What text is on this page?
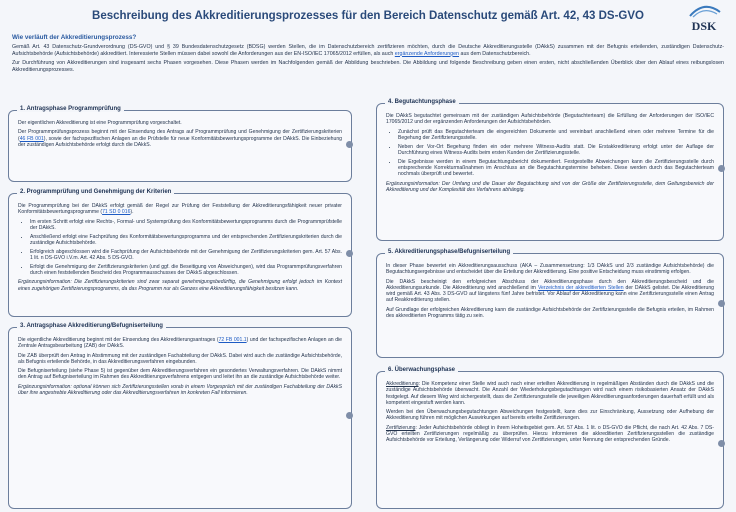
Beschreibung des Akkreditierungsprozesses für den Bereich Datenschutz gemäß Art. 42, 43 DS-GVO
DSK
Wie verläuft der Akkreditierungsprozess?

Gemäß Art. 43 Datenschutz-Grundverordnung (DS-GVO) und § 39 Bundesdatenschutzgesetz (BDSG) werden Stellen, die im Datenschutzbereich zertifizieren möchten, durch die Deutsche Akkreditierungsstelle (DAkkS) zusammen mit der Befugnis erteilenden, zuständigen Datenschutz-Aufsichtsbehörde (Aufsichtsbehörde) akkreditiert. Interessierte Stellen müssen dabei sowohl die Anforderungen aus der EN-ISO/IEC 17065/2012 erfüllen, als auch ergänzende Anforderungen aus dem Datenschutzbereich.

Zur Durchführung von Akkreditierungen sind insgesamt sechs Phasen vorgesehen. Diese Phasen werden im Nachfolgenden gemäß der Abbildung beschrieben. Die Abbildung und folgende Beschreibung geben einen ersten, nicht abschließenden Überblick über den Ablauf eines reibungslosen Akkreditierungsprozesses.

1. Antragsphase Programmprüfung

Der eigentlichen Akkreditierung ist eine Programmprüfung vorgeschaltet.

Der Programmprüfungsprozess beginnt mit der Einsendung des Antrags auf Programmprüfung und Genehmigung der Zertifizierungskriterien (46 FB 001), sowie der fachspezifischen Anlagen an die Prüfstelle für neue Konformitätsbewertungsprogramme der DAkkS. Die Einbeziehung der zuständigen Aufsichtsbehörde erfolgt durch die DAkkS.

2. Programmprüfung und Genehmigung der Kriterien

Die Programmprüfung bei der DAkkS erfolgt gemäß der Regel zur Prüfung der Feststellung der Akkreditierungsfähigkeit neuer privater Konformitätsbewertungsprogramme (71 SD 0 016).

• Im ersten Schritt erfolgt eine Rechts-, Formal- und Systemprüfung des Konformitätsbewertungsprogramms durch die Programmprüfstelle der DAkkS.
• Anschließend erfolgt eine Fachprüfung des Konformitätsbewertungsprogramms und der entsprechenden Zertifizierungskriterien durch die zuständige Aufsichtsbehörde.
• Erfolgreich abgeschlossen wird die Fachprüfung der Aufsichtsbehörde mit der Genehmigung der Zertifizierungskriterien gem. Art. 57 Abs. 1 lit. n DS-GVO i.V.m. Art. 42 Abs. 5 DS-GVO.
• Erfolgt die Genehmigung der Zertifizierungskriterien (und ggf. die Beseitigung von Abweichungen), wird das Programmprüfungsverfahren durch einen feststellenden Bescheid des Programmausschusses der DAkkS abgeschlossen.

Ergänzungsinformation: Die Zertifizierungskriterien sind zwar separat genehmigungsbedürftig, die Genehmigung erfolgt jedoch im Kontext eines zugehörigen Zertifizierungsprogramms, da das Programm nur als Ganzes eine Akkreditierungsfähigkeit besitzen kann.

3. Antragsphase Akkreditierung/Befugniserteilung

Die eigentliche Akkreditierung beginnt mit der Einsendung des Akkreditierungsantrages (72 FB 001.1) und der fachspezifischen Anlagen an die Zentrale Antragsbearbeitung (ZAB) der DAkkS.

Die ZAB überprüft den Antrag in Abstimmung mit der zuständigen Fachabteilung der DAkkS. Dabei wird auch die zuständige Aufsichtsbehörde, als Befugnis erteilende Behörde, in das Akkreditierungsverfahren eingebunden.

Die Befugniserteilung (siehe Phase 5) ist gegenüber dem Akkreditierungsverfahren ein gesondertes Verwaltungsverfahren. Die DAkkS nimmt den Antrag auf Befugniserteilung im Rahmen des Akkreditierungsverfahrens entgegen und leitet ihn an die zuständige Aufsichtsbehörde weiter.

Ergänzungsinformation: optional können sich Zertifizierungsstellen vorab in einem Vorgespräch mit der zuständigen Fachabteilung der DAkkS über ihre angestrebte Akkreditierung oder das Akkreditierungsverfahren im konkreten Fall informieren.

4. Begutachtungsphase

Die DAkkS begutachtet gemeinsam mit der zuständigen Aufsichtsbehörde (Begutachterteam) die Erfüllung der Anforderungen der ISO/IEC 17065/2012 und der ergänzenden Anforderungen der Aufsichtsbehörden.

• Zunächst prüft das Begutachterteam die eingereichten Dokumente und vereinbart anschließend einen oder mehrere Termine für die Begehung der Zertifizierungsstelle.
• Neben der Vor-Ort Begehung finden ein oder mehrere Witness-Audits statt. Die Erstakkreditierung erfolgt unter der Auflage der Durchführung eines Witness-Audits beim ersten Kunden der Zertifizierungsstelle.
• Die Ergebnisse werden in einem Begutachtungsbericht dokumentiert. Festgestellte Abweichungen kann die Zertifizierungsstelle durch entsprechende Korrekturmaßnahmen im Anschluss an die Begutachtungstermine beheben. Diese werden durch das Begutachterteam nochmals überprüft und bewertet.

Ergänzungsinformation: Der Umfang und die Dauer der Begutachtung sind von der Größe der Zertifizierungsstelle, dem Geltungsbereich der Akkreditierung und der Komplexität des Verfahrens abhängig.

5. Akkreditierungsphase/Befugniserteilung

In dieser Phase bewertet ein Akkreditierungsausschuss (AKA – Zusammensetzung: 1/3 DAkkS und 2/3 zuständige Aufsichtsbehörde) die Begutachtungsergebnisse und entscheidet über die Erteilung der Akkreditierung. Eine positive Entscheidung muss einstimmig erfolgen.

Die DAkkS bescheinigt den erfolgreichen Abschluss der Akkreditierungsphase durch den Akkreditierungsbescheid und die Akkreditierungsurkunde. Die Akkreditierung wird anschließend im Verzeichnis der akkreditierten Stellen der DAkkS gelistet. Die Akkreditierung wird gemäß Art. 43 Abs. 3 DS-GVO auf längstens fünf Jahre befristet. Vor Ablauf der Akkreditierung kann eine Zertifizierungsstelle einen Antrag auf Reakkreditierung stellen.

Auf Grundlage der erfolgreichen Akkreditierung kann die zuständige Aufsichtsbehörde der Zertifizierungsstelle die Befugnis erteilen, im Rahmen des akkreditierten Programms tätig zu sein.

6. Überwachungsphase

Akkreditierung: Die Kompetenz einer Stelle wird auch nach einer erteilten Akkreditierung in regelmäßigen Abständen durch die DAkkS und die zuständige Aufsichtsbehörde überwacht. Die Anzahl der Wiederholungsbegutachtungen wird nach einem risikobasierten Ansatz der DAkkS festgelegt. Auf diesem Weg wird sichergestellt, dass die Zertifizierungsstelle die jeweiligen Akkreditierungsanforderungen dauerhaft erfüllt und als kompetent eingestuft werden kann.

Werden bei den Überwachungsbegutachtungen Abweichungen festgestellt, kann dies zur Einschränkung, Aussetzung oder Aufhebung der Akkreditierung führen mit möglichen Auswirkungen auf bereits erteilte Zertifizierungen.

Zertifizierung: Jeder Aufsichtsbehörde obliegt in ihrem Hoheitsgebiet gem. Art. 57 Abs. 1 lit. o DS-GVO die Pflicht, die nach Art. 42 Abs. 7 DS-GVO erteilten Zertifizierungen regelmäßig zu überprüfen. Hierzu informieren die akkreditierten Zertifizierungsstellen die zuständige Aufsichtsbehörde vor Erteilung, Verlängerung oder Widerruf von Zertifizierungen, unter Nennung der entsprechenden Gründe.
